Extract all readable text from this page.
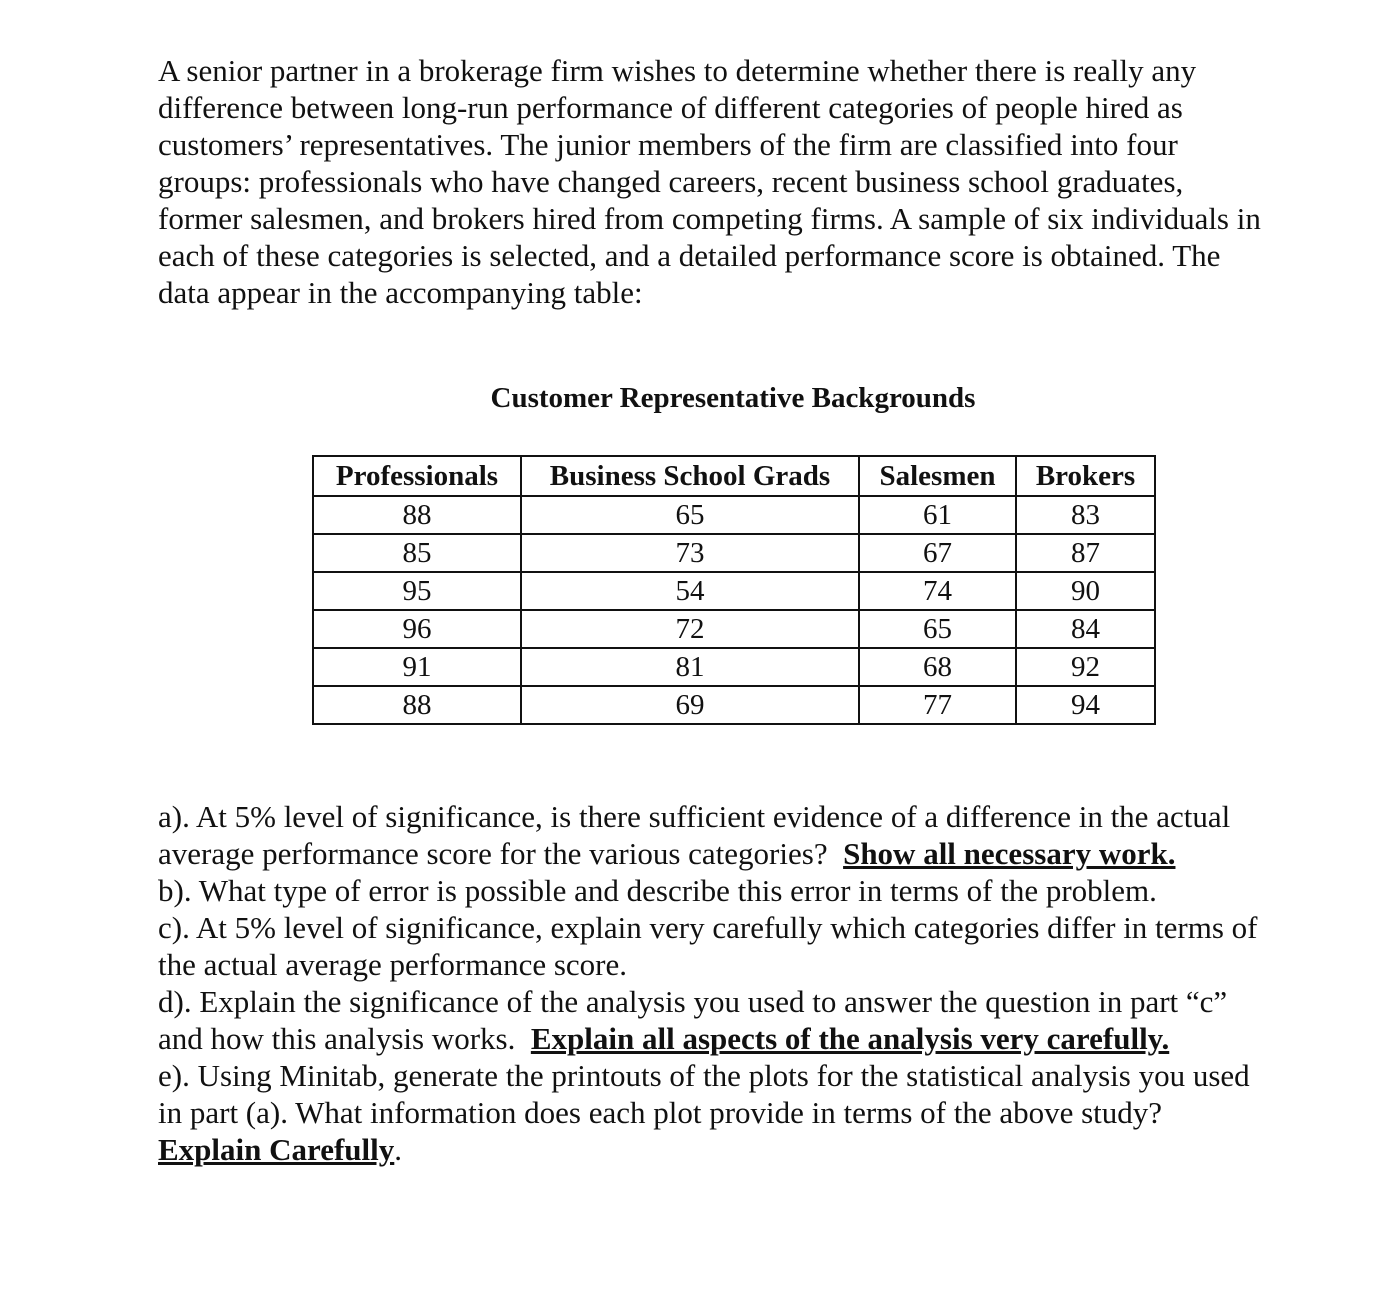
A senior partner in a brokerage firm wishes to determine whether there is really any
difference between long-run performance of different categories of people hired as
customers’ representatives. The junior members of the firm are classified into four
groups: professionals who have changed careers, recent business school graduates,
former salesmen, and brokers hired from competing firms. A sample of six individuals in
each of these categories is selected, and a detailed performance score is obtained. The
data appear in the accompanying table:

Customer Representative Backgrounds

Professionals	Business School Grads	Salesmen	Brokers
88	65	61	83
85	73	67	87
95	54	74	90
96	72	65	84
91	81	68	92
88	69	77	94

a). At 5% level of significance, is there sufficient evidence of a difference in the actual
average performance score for the various categories?  Show all necessary work.
b). What type of error is possible and describe this error in terms of the problem.
c). At 5% level of significance, explain very carefully which categories differ in terms of
the actual average performance score.
d). Explain the significance of the analysis you used to answer the question in part “c”
and how this analysis works.  Explain all aspects of the analysis very carefully.
e). Using Minitab, generate the printouts of the plots for the statistical analysis you used
in part (a). What information does each plot provide in terms of the above study?
Explain Carefully.
